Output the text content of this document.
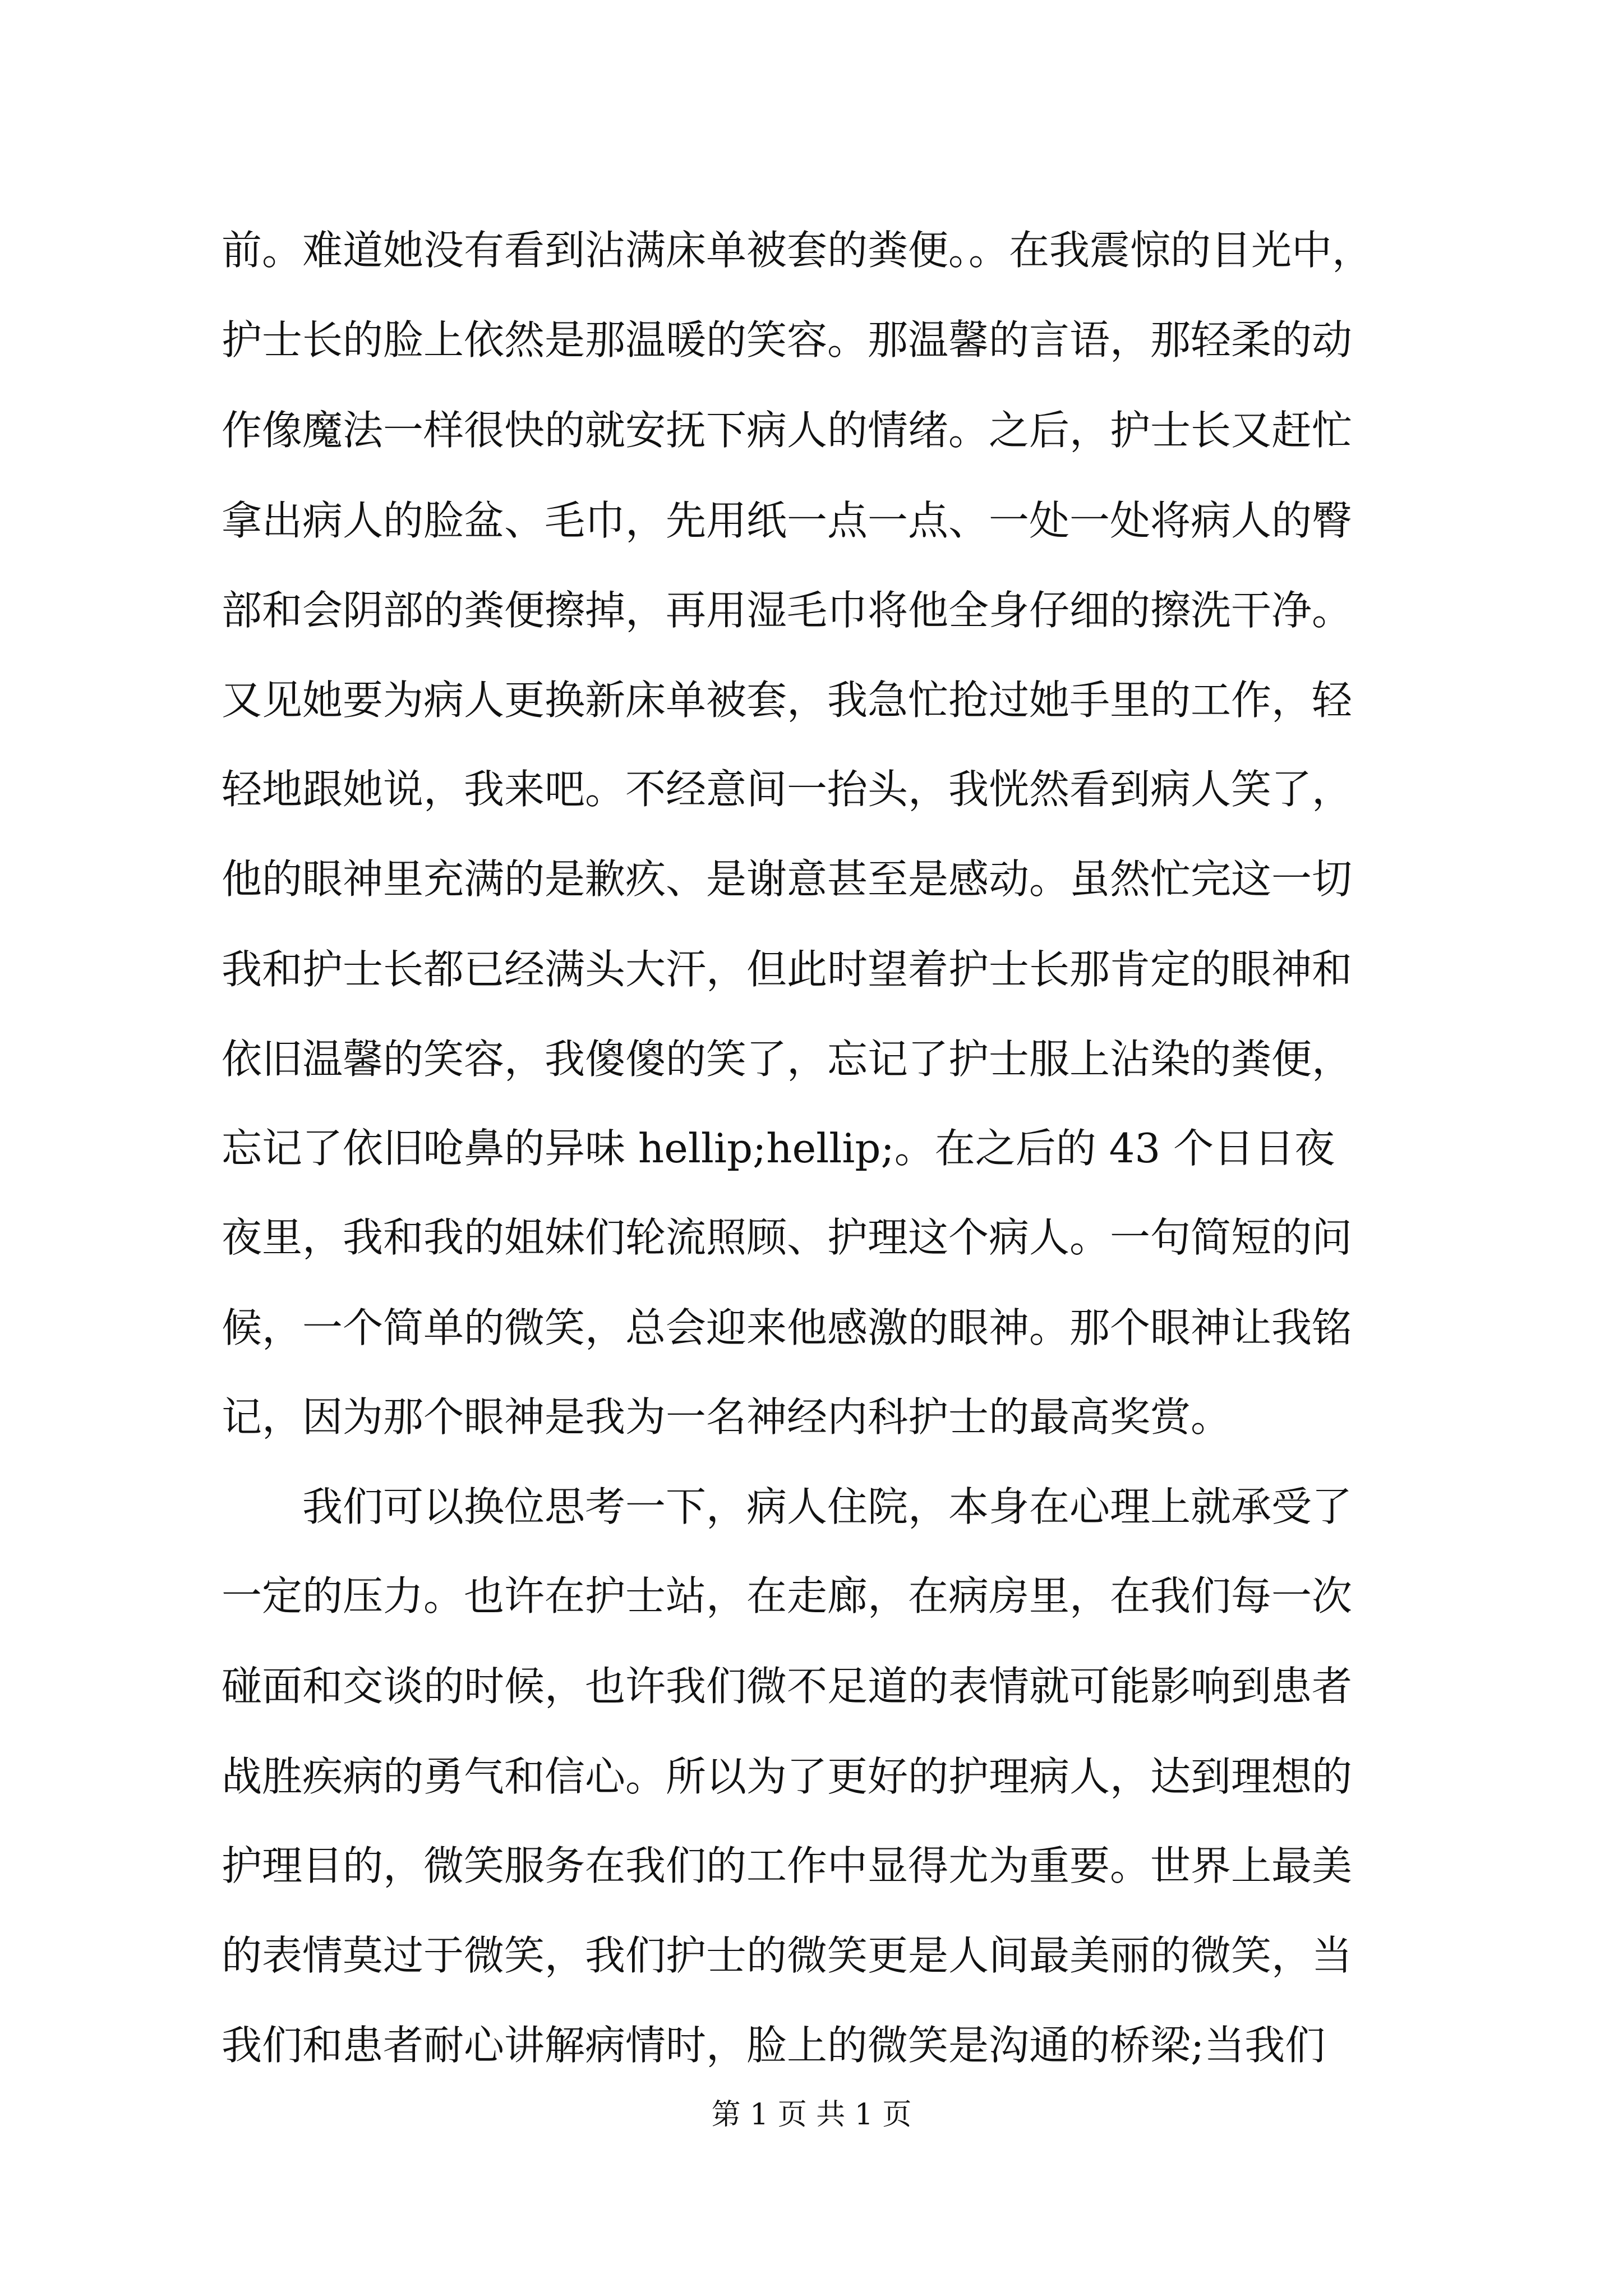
前。难道她没有看到沾满床单被套的粪便。。在我震惊的目光中，
护士长的脸上依然是那温暖的笑容。那温馨的言语，那轻柔的动
作像魔法一样很快的就安抚下病人的情绪。之后，护士长又赶忙
拿出病人的脸盆、毛巾，先用纸一点一点、一处一处将病人的臀
部和会阴部的粪便擦掉，再用湿毛巾将他全身仔细的擦洗干净。
又见她要为病人更换新床单被套，我急忙抢过她手里的工作，轻
轻地跟她说，我来吧。不经意间一抬头，我恍然看到病人笑了，
他的眼神里充满的是歉疚、是谢意甚至是感动。虽然忙完这一切
我和护士长都已经满头大汗，但此时望着护士长那肯定的眼神和
依旧温馨的笑容，我傻傻的笑了，忘记了护士服上沾染的粪便，
忘记了依旧呛鼻的异味 hellip;hellip;。在之后的 43 个日日夜
夜里，我和我的姐妹们轮流照顾、护理这个病人。一句简短的问
候，一个简单的微笑，总会迎来他感激的眼神。那个眼神让我铭
记，因为那个眼神是我为一名神经内科护士的最高奖赏。
我们可以换位思考一下，病人住院，本身在心理上就承受了
一定的压力。也许在护士站，在走廊，在病房里，在我们每一次
碰面和交谈的时候，也许我们微不足道的表情就可能影响到患者
战胜疾病的勇气和信心。所以为了更好的护理病人，达到理想的
护理目的，微笑服务在我们的工作中显得尤为重要。世界上最美
的表情莫过于微笑，我们护士的微笑更是人间最美丽的微笑，当
我们和患者耐心讲解病情时，脸上的微笑是沟通的桥梁;当我们
第 1 页 共 1 页
